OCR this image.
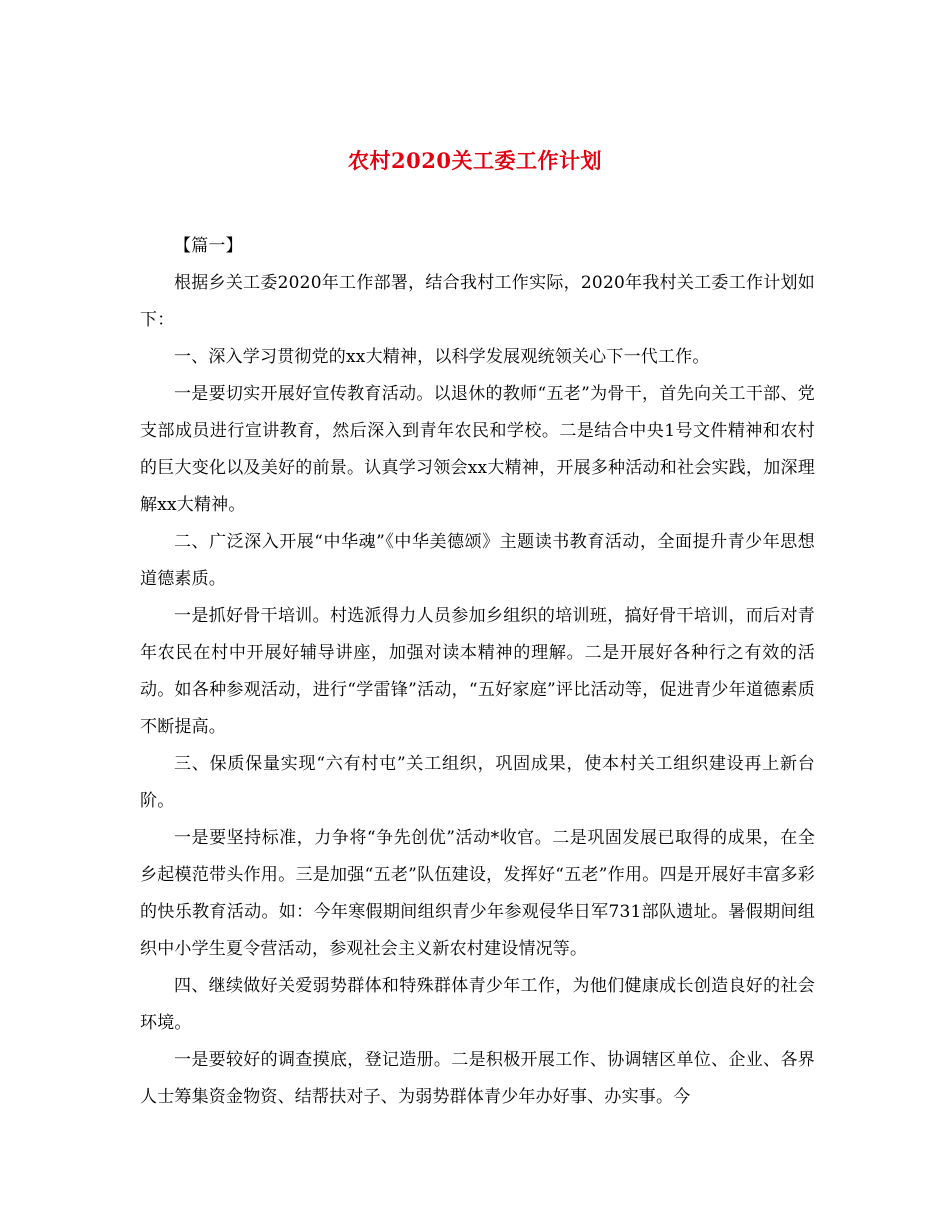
农村2020关工委工作计划

【篇一】

根据乡关工委2020年工作部署，结合我村工作实际，2020年我村关工委工作计划如下：

一、深入学习贯彻党的xx大精神，以科学发展观统领关心下一代工作。

一是要切实开展好宣传教育活动。以退休的教师“五老”为骨干，首先向关工干部、党支部成员进行宣讲教育，然后深入到青年农民和学校。二是结合中央1号文件精神和农村的巨大变化以及美好的前景。认真学习领会xx大精神，开展多种活动和社会实践，加深理解xx大精神。

二、广泛深入开展“中华魂”《中华美德颂》主题读书教育活动，全面提升青少年思想道德素质。

一是抓好骨干培训。村选派得力人员参加乡组织的培训班，搞好骨干培训，而后对青年农民在村中开展好辅导讲座，加强对读本精神的理解。二是开展好各种行之有效的活动。如各种参观活动，进行“学雷锋”活动，“五好家庭”评比活动等，促进青少年道德素质不断提高。

三、保质保量实现“六有村屯”关工组织，巩固成果，使本村关工组织建设再上新台阶。

一是要坚持标准，力争将“争先创优”活动*收官。二是巩固发展已取得的成果，在全乡起模范带头作用。三是加强“五老”队伍建设，发挥好“五老”作用。四是开展好丰富多彩的快乐教育活动。如：今年寒假期间组织青少年参观侵华日军731部队遗址。暑假期间组织中小学生夏令营活动，参观社会主义新农村建设情况等。

四、继续做好关爱弱势群体和特殊群体青少年工作，为他们健康成长创造良好的社会环境。

一是要较好的调查摸底，登记造册。二是积极开展工作、协调辖区单位、企业、各界人士筹集资金物资、结帮扶对子、为弱势群体青少年办好事、办实事。今
